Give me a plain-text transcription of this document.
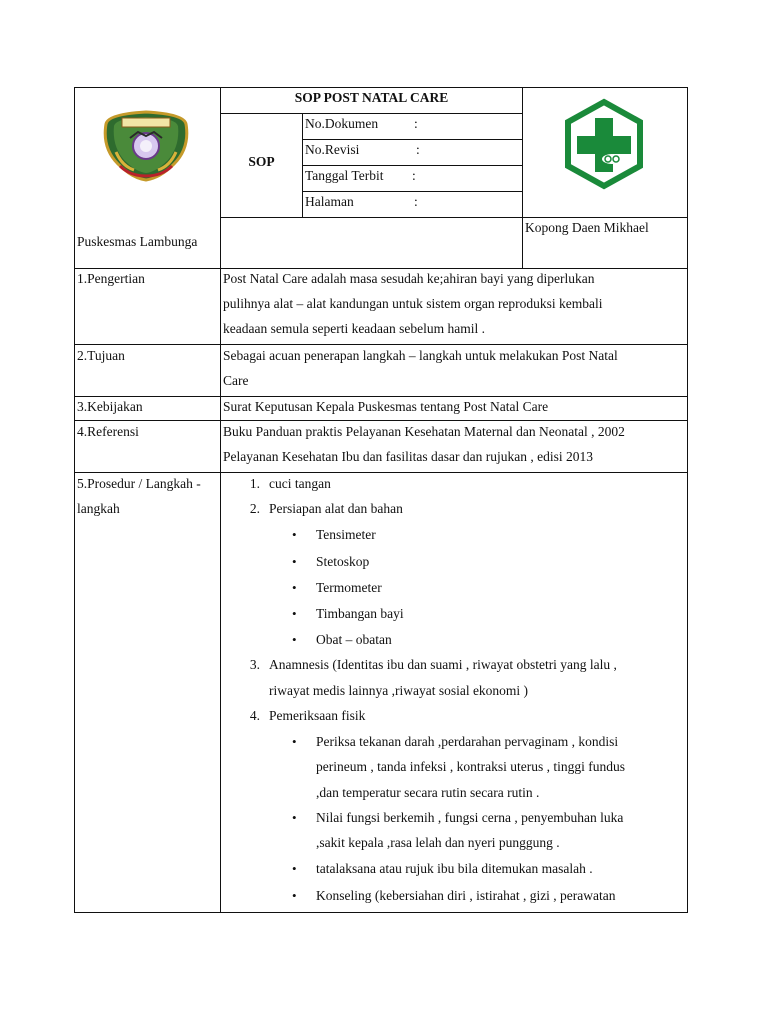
SOP POST NATAL CARE
SOP
No.Dokumen	:
No.Revisi	:
Tanggal Terbit :
Halaman	:
Puskesmas Lambunga
Kopong Daen Mikhael
1.Pengertian	Post Natal Care adalah masa sesudah ke;ahiran bayi yang diperlukan
pulihnya alat – alat kandungan untuk sistem organ reproduksi kembali
keadaan semula seperti keadaan sebelum hamil .
2.Tujuan	Sebagai acuan penerapan langkah – langkah untuk melakukan Post Natal
Care
3.Kebijakan	Surat Keputusan Kepala Puskesmas tentang Post Natal Care
4.Referensi	Buku Panduan praktis Pelayanan Kesehatan Maternal dan Neonatal , 2002
Pelayanan Kesehatan Ibu dan fasilitas dasar dan rujukan , edisi 2013
5.Prosedur / Langkah -
langkah
1. cuci tangan
2. Persiapan alat dan bahan
• Tensimeter
• Stetoskop
• Termometer
• Timbangan bayi
• Obat – obatan
3. Anamnesis (Identitas ibu dan suami , riwayat obstetri yang lalu ,
riwayat medis lainnya ,riwayat sosial ekonomi )
4. Pemeriksaan fisik
• Periksa tekanan darah ,perdarahan pervaginam , kondisi
perineum , tanda infeksi , kontraksi uterus , tinggi fundus
,dan temperatur secara rutin secara rutin .
• Nilai fungsi berkemih , fungsi cerna , penyembuhan luka
,sakit kepala ,rasa lelah dan nyeri punggung .
• tatalaksana atau rujuk ibu bila ditemukan masalah .
• Konseling (kebersiahan diri , istirahat , gizi , perawatan
